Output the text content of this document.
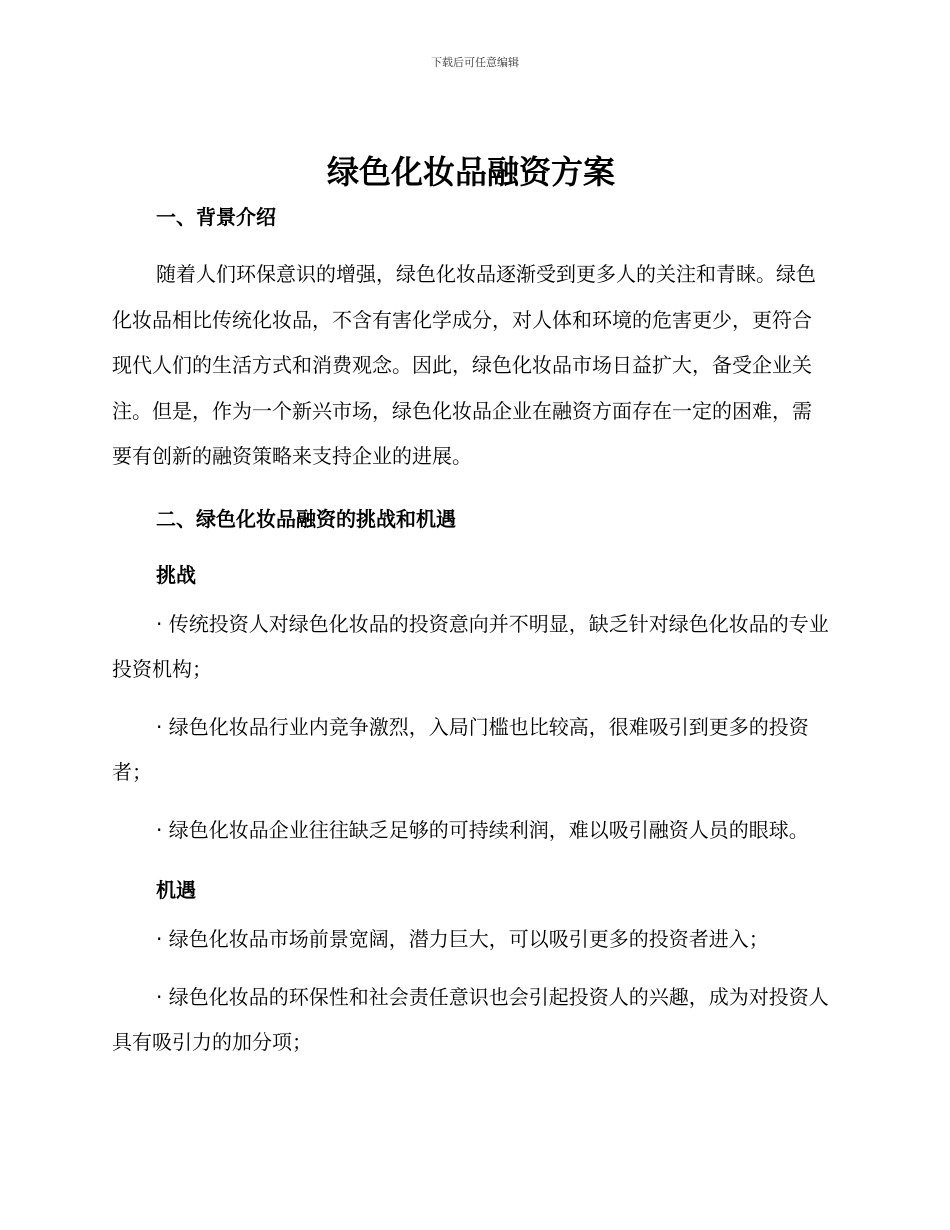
下载后可任意编辑
绿色化妆品融资方案

一、背景介绍

随着人们环保意识的增强，绿色化妆品逐渐受到更多人的关注和青睐。绿色化妆品相比传统化妆品，不含有害化学成分，对人体和环境的危害更少，更符合现代人们的生活方式和消费观念。因此，绿色化妆品市场日益扩大，备受企业关注。但是，作为一个新兴市场，绿色化妆品企业在融资方面存在一定的困难，需要有创新的融资策略来支持企业的进展。

二、绿色化妆品融资的挑战和机遇

挑战

· 传统投资人对绿色化妆品的投资意向并不明显，缺乏针对绿色化妆品的专业投资机构；

· 绿色化妆品行业内竞争激烈，入局门槛也比较高，很难吸引到更多的投资者；

· 绿色化妆品企业往往缺乏足够的可持续利润，难以吸引融资人员的眼球。

机遇

· 绿色化妆品市场前景宽阔，潜力巨大，可以吸引更多的投资者进入；

· 绿色化妆品的环保性和社会责任意识也会引起投资人的兴趣，成为对投资人具有吸引力的加分项；
